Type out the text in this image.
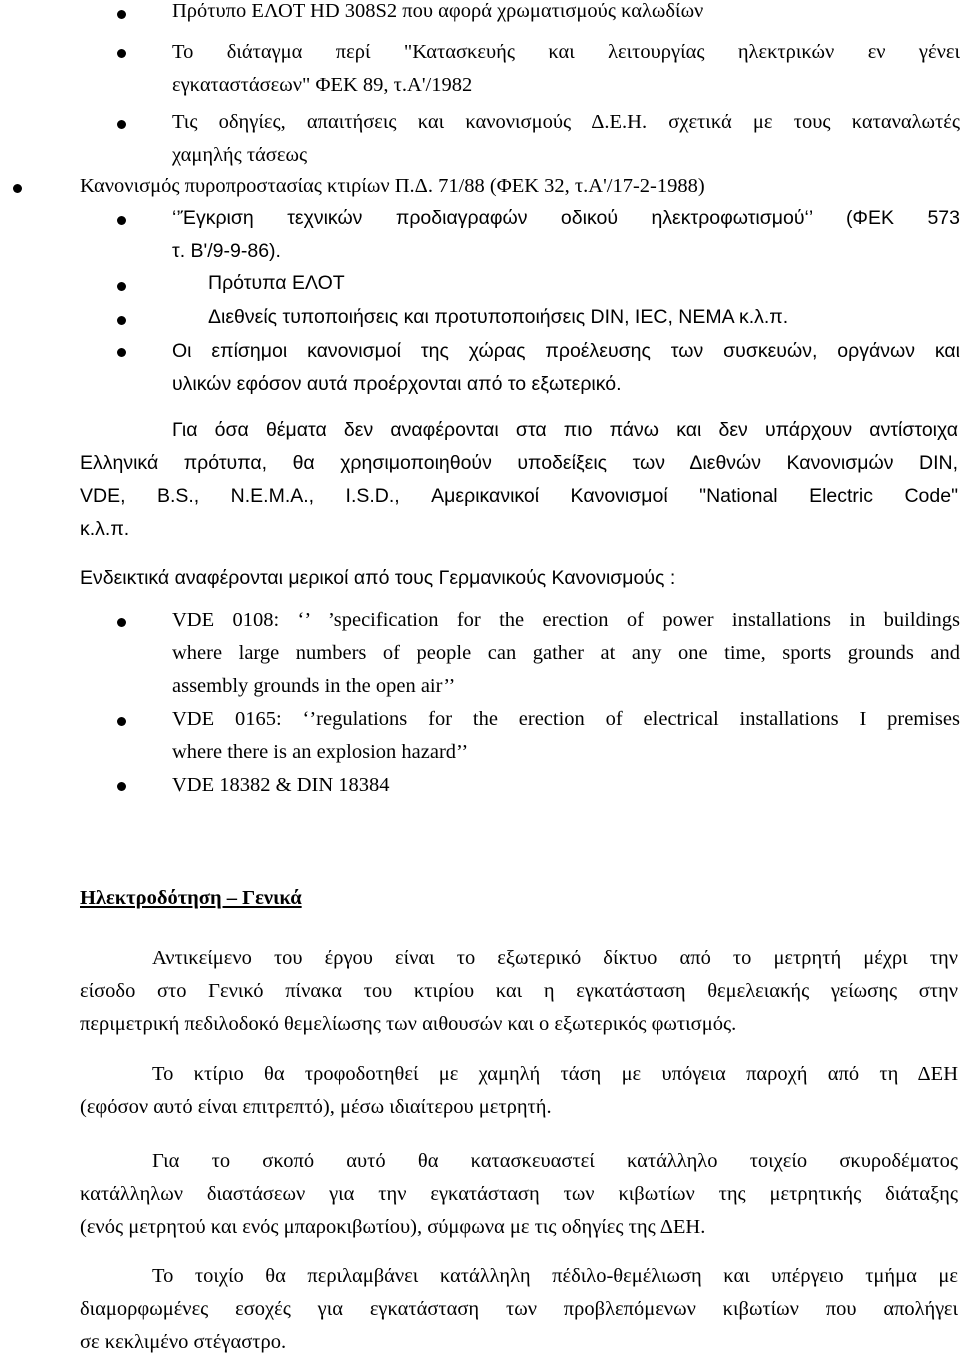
Πρότυπο ΕΛΟΤ HD 308S2 που αφορά χρωματισμούς καλωδίων
Το διάταγμα περί "Κατασκευής και λειτουργίας ηλεκτρικών εν γένει
εγκαταστάσεων" ΦΕΚ 89, τ.Α'/1982
Τις οδηγίες, απαιτήσεις και κανονισμούς Δ.Ε.Η. σχετικά με τους καταναλωτές
χαμηλής τάσεως
Κανονισμός πυροπροστασίας κτιρίων Π.Δ. 71/88 (ΦΕΚ 32, τ.Α'/17-2-1988)
‘’Έγκριση τεχνικών προδιαγραφών οδικού ηλεκτροφωτισμού‘’ (ΦΕΚ 573
τ. Β'/9-9-86).
Πρότυπα ΕΛΟΤ
Διεθνείς τυποποιήσεις και προτυποποιήσεις DIN, IEC, NEMA κ.λ.π.
Οι επίσημοι κανονισμοί της χώρας προέλευσης των συσκευών, οργάνων και
υλικών εφόσον αυτά προέρχονται από το εξωτερικό.
Για όσα θέματα δεν αναφέρονται στα πιο πάνω και δεν υπάρχουν αντίστοιχα
Ελληνικά πρότυπα, θα χρησιμοποιηθούν υποδείξεις των Διεθνών Κανονισμών DIN,
VDE, B.S., N.E.M.A., I.S.D., Αμερικανικοί Κανονισμοί "National Electric Code"
κ.λ.π.
Ενδεικτικά αναφέρονται μερικοί από τους Γερμανικούς Κανονισμούς :
VDE 0108: ‘’ ’specification for the erection of power installations in buildings
where large numbers of people can gather at any one time, sports grounds and
assembly grounds in the open air’’
VDE 0165: ‘’regulations for the erection of electrical installations I premises
where there is an explosion hazard’’
VDE 18382 & DIN 18384
Ηλεκτροδότηση – Γενικά
Αντικείμενο του έργου είναι το εξωτερικό δίκτυο από το μετρητή μέχρι την
είσοδο στο Γενικό πίνακα του κτιρίου και η εγκατάσταση θεμελειακής γείωσης στην
περιμετρική πεδιλοδοκό θεμελίωσης των αιθουσών και ο εξωτερικός φωτισμός.
Το κτίριο θα τροφοδοτηθεί με χαμηλή τάση με υπόγεια παροχή από τη ΔΕΗ
(εφόσον αυτό είναι επιτρεπτό), μέσω ιδιαίτερου μετρητή.
Για το σκοπό αυτό θα κατασκευαστεί κατάλληλο τοιχείο σκυροδέματος
κατάλληλων διαστάσεων για την εγκατάσταση των κιβωτίων της μετρητικής διάταξης
(ενός μετρητού και ενός μπαροκιβωτίου), σύμφωνα με τις οδηγίες της ΔΕΗ.
Το τοιχίο θα περιλαμβάνει κατάλληλη πέδιλο-θεμέλιωση και υπέργειο τμήμα με
διαμορφωμένες εσοχές για εγκατάσταση των προβλεπόμενων κιβωτίων που απολήγει
σε κεκλιμένο στέγαστρο.
